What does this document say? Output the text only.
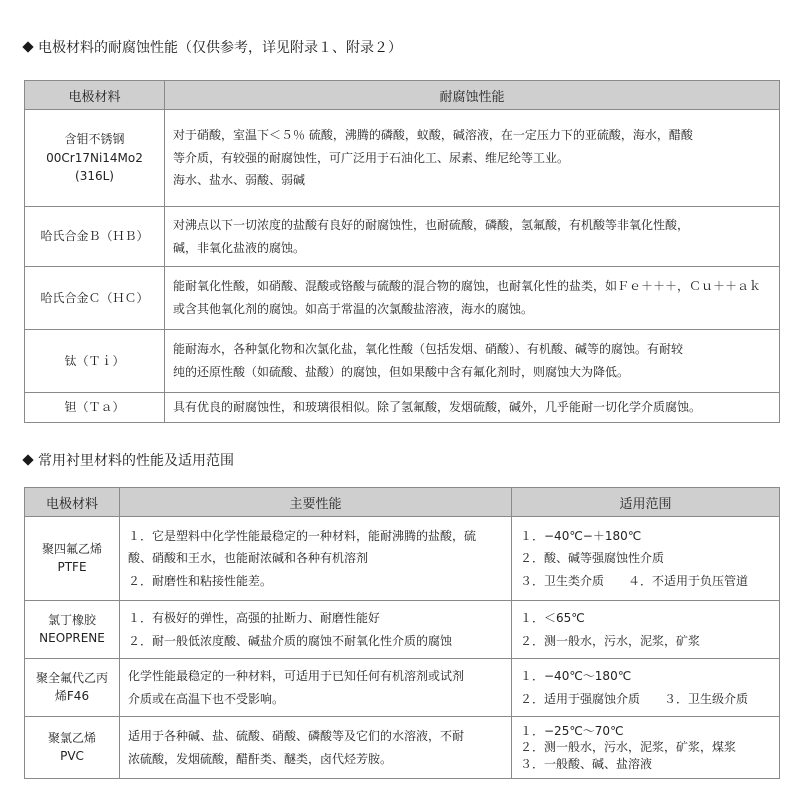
电极材料的耐腐蚀性能（仅供参考，详见附录１、附录２）
电极材料	耐腐蚀性能

含钼不锈钢
00Cr17Ni14Mo2
(316L)	对于硝酸，室温下＜５％ 硫酸，沸腾的磷酸，蚁酸，碱溶液，在一定压力下的亚硫酸，海水，醋酸
等介质，有较强的耐腐蚀性，可广泛用于石油化工、尿素、维尼纶等工业。
海水、盐水、弱酸、弱碱

哈氏合金Ｂ（ＨＢ）	对沸点以下一切浓度的盐酸有良好的耐腐蚀性，也耐硫酸，磷酸，氢氟酸，有机酸等非氧化性酸，
碱，非氧化盐液的腐蚀。

哈氏合金Ｃ（ＨＣ）	能耐氧化性酸，如硝酸、混酸或铬酸与硫酸的混合物的腐蚀，也耐氧化性的盐类，如Ｆｅ＋＋＋，Ｃｕ＋＋ａｋ
或含其他氧化剂的腐蚀。如高于常温的次氯酸盐溶液，海水的腐蚀。

钛（Ｔｉ）	能耐海水，各种氯化物和次氯化盐，氧化性酸（包括发烟、硝酸）、有机酸、碱等的腐蚀。有耐较
纯的还原性酸（如硫酸、盐酸）的腐蚀，但如果酸中含有氟化剂时，则腐蚀大为降低。

钽（Ｔａ）	具有优良的耐腐蚀性，和玻璃很相似。除了氢氟酸，发烟硫酸，碱外，几乎能耐一切化学介质腐蚀。
常用衬里材料的性能及适用范围
电极材料	主要性能	适用范围

聚四氟乙烯
PTFE	１．它是塑料中化学性能最稳定的一种材料，能耐沸腾的盐酸，硫
酸、硝酸和王水，也能耐浓碱和各种有机溶剂
２．耐磨性和粘接性能差。	１．−40℃−＋180℃
２．酸、碱等强腐蚀性介质
３．卫生类介质　　４．不适用于负压管道

氯丁橡胶
NEOPRENE	１．有极好的弹性，高强的扯断力、耐磨性能好
２．耐一般低浓度酸、碱盐介质的腐蚀不耐氧化性介质的腐蚀	１．＜65℃
２．测一般水，污水，泥浆，矿浆

聚全氟代乙丙
烯F46	化学性能最稳定的一种材料，可适用于已知任何有机溶剂或试剂
介质或在高温下也不受影响。	１．−40℃～180℃
２．适用于强腐蚀介质　　３．卫生级介质

聚氯乙烯
PVC	适用于各种碱、盐、硫酸、硝酸、磷酸等及它们的水溶液，不耐
浓硫酸，发烟硫酸，醋酐类、醚类，卤代烃芳胺。	１．−25℃～70℃
２．测一般水，污水，泥浆，矿浆，煤浆
３．一般酸、碱、盐溶液
